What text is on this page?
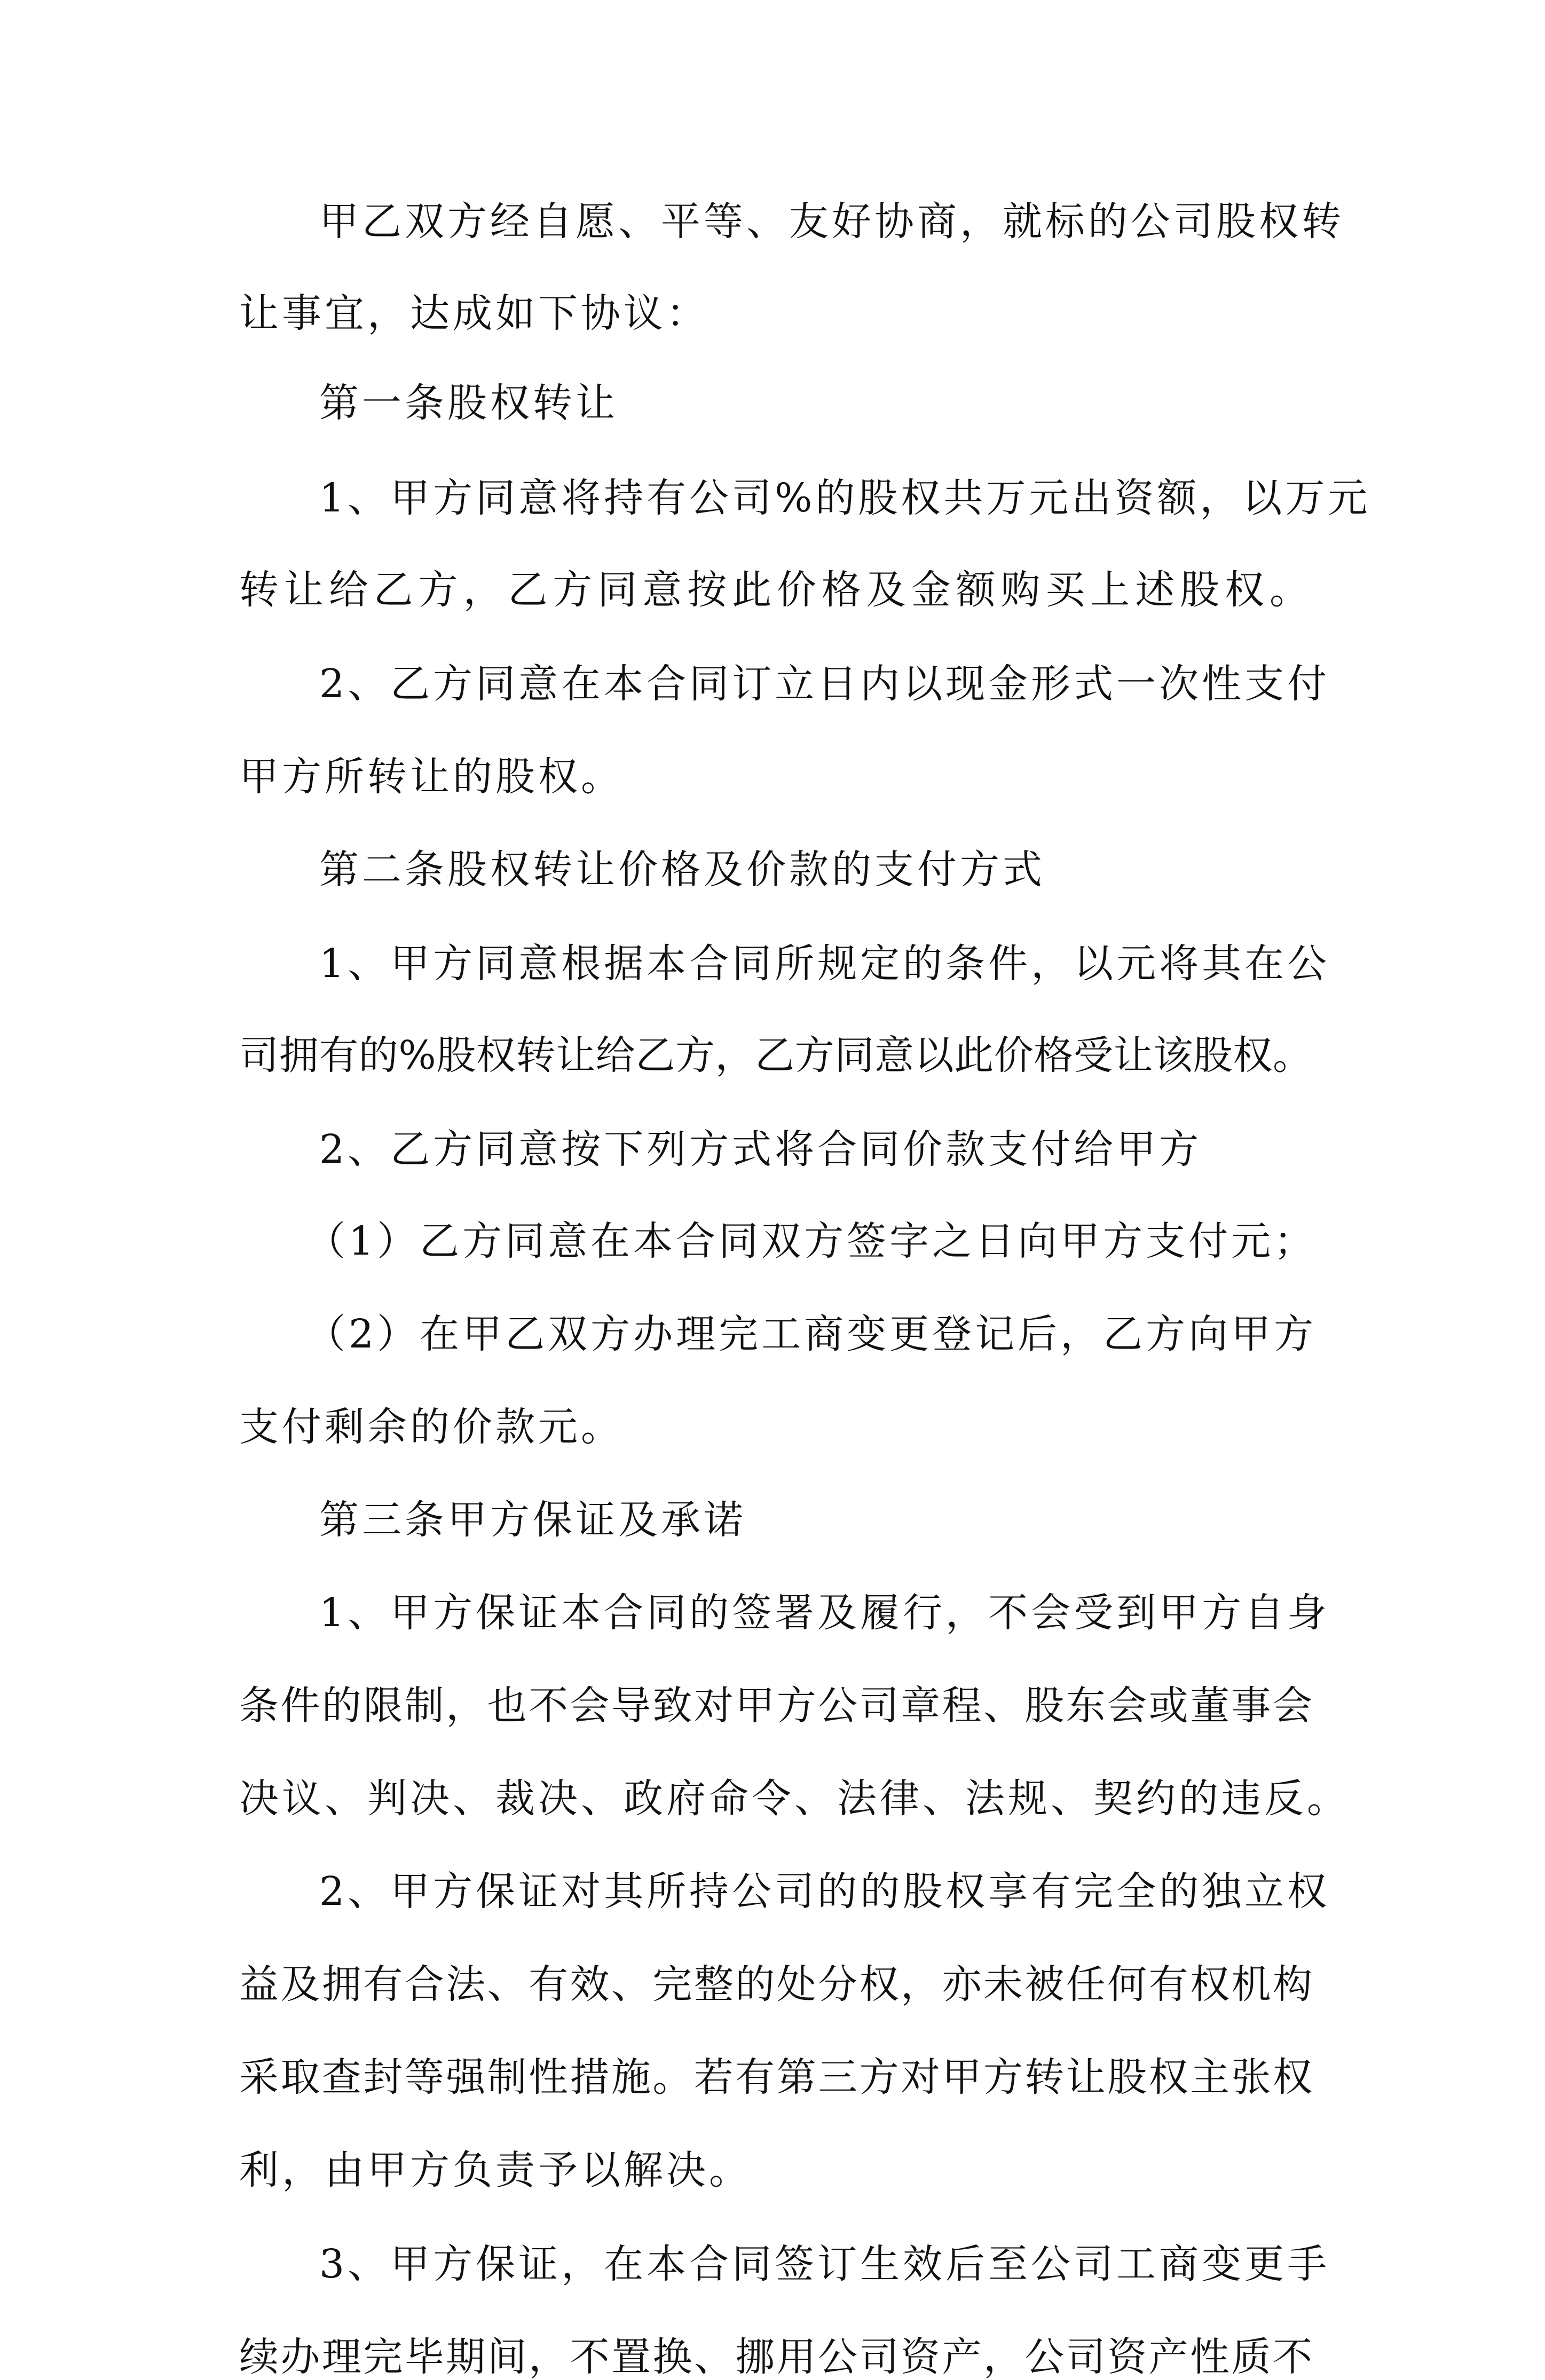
甲乙双方经自愿、平等、友好协商，就标的公司股权转

让事宜，达成如下协议：

第一条股权转让

1、甲方同意将持有公司%的股权共万元出资额，以万元

转让给乙方，乙方同意按此价格及金额购买上述股权。

2、乙方同意在本合同订立日内以现金形式一次性支付

甲方所转让的股权。

第二条股权转让价格及价款的支付方式

1、甲方同意根据本合同所规定的条件，以元将其在公

司拥有的%股权转让给乙方，乙方同意以此价格受让该股权。

2、乙方同意按下列方式将合同价款支付给甲方

（1）乙方同意在本合同双方签字之日向甲方支付元；

（2）在甲乙双方办理完工商变更登记后，乙方向甲方

支付剩余的价款元。

第三条甲方保证及承诺

1、甲方保证本合同的签署及履行，不会受到甲方自身

条件的限制，也不会导致对甲方公司章程、股东会或董事会

决议、判决、裁决、政府命令、法律、法规、契约的违反。

2、甲方保证对其所持公司的的股权享有完全的独立权

益及拥有合法、有效、完整的处分权，亦未被任何有权机构

采取查封等强制性措施。若有第三方对甲方转让股权主张权

利，由甲方负责予以解决。

3、甲方保证，在本合同签订生效后至公司工商变更手

续办理完毕期间，不置换、挪用公司资产，公司资产性质不
